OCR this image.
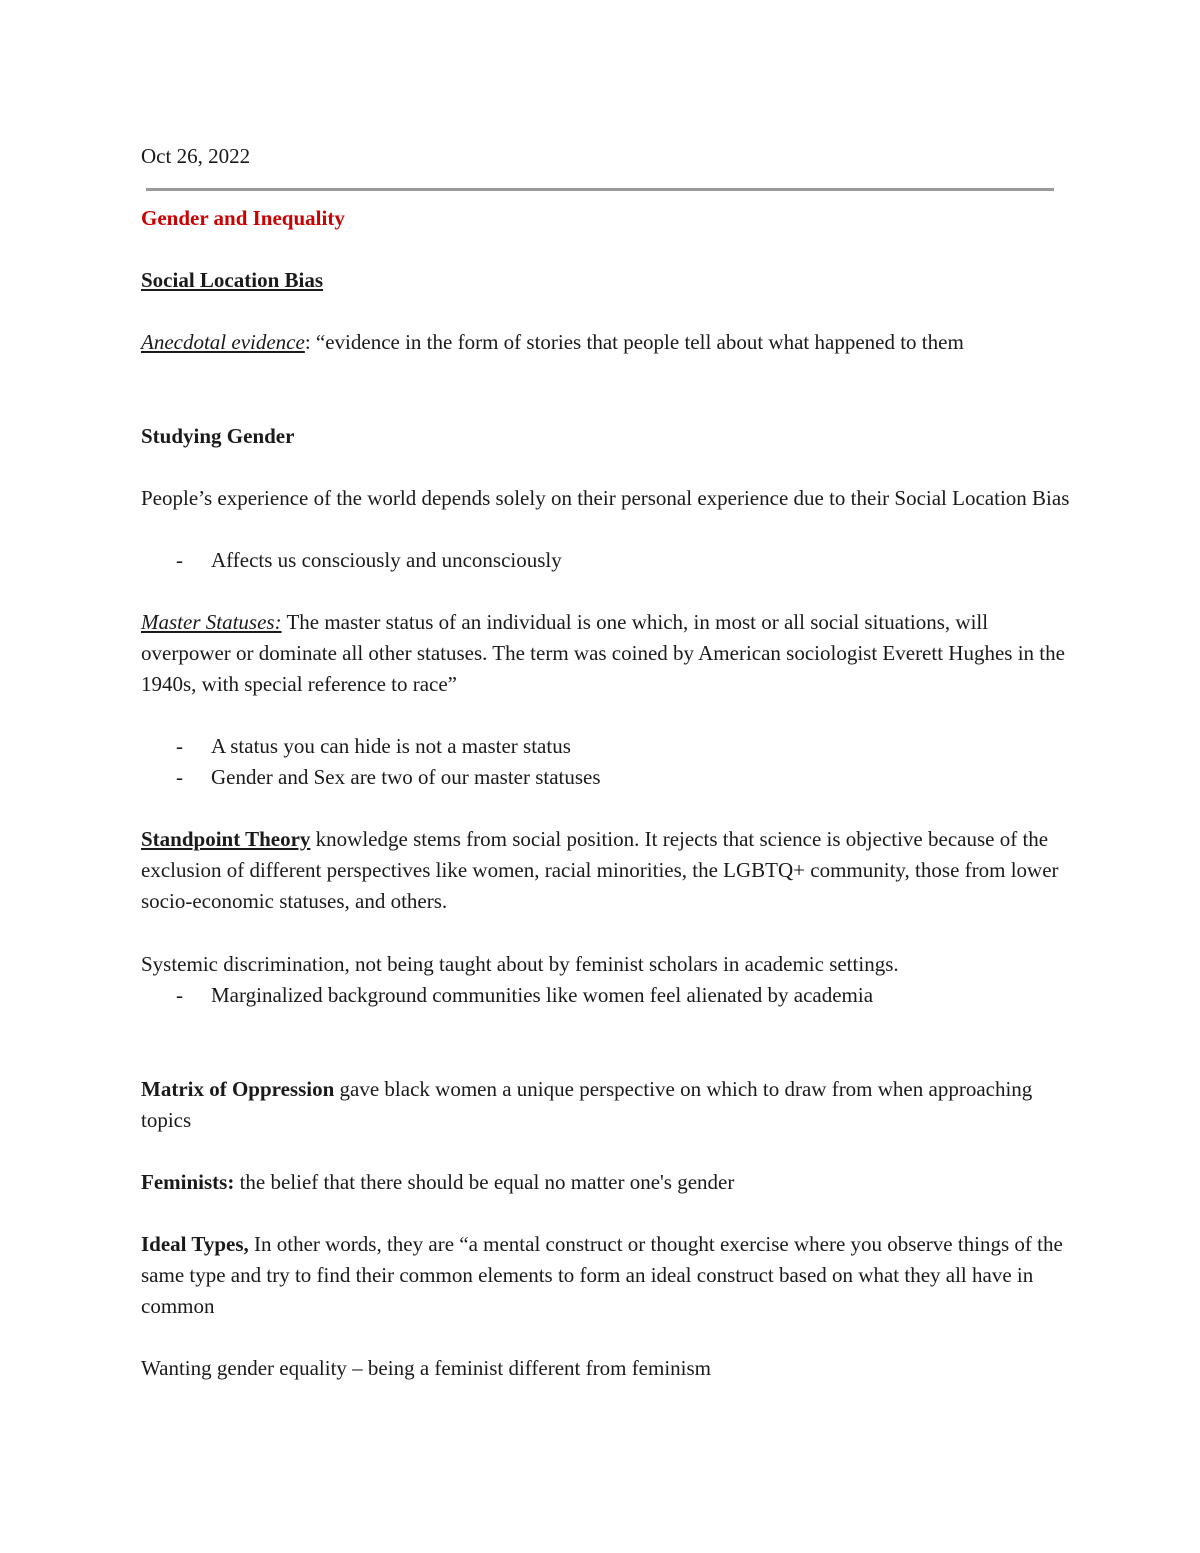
Oct 26, 2022

Gender and Inequality

Social Location Bias

Anecdotal evidence: “evidence in the form of stories that people tell about what happened to them

Studying Gender

People’s experience of the world depends solely on their personal experience due to their Social Location Bias

- Affects us consciously and unconsciously

Master Statuses: The master status of an individual is one which, in most or all social situations, will overpower or dominate all other statuses. The term was coined by American sociologist Everett Hughes in the 1940s, with special reference to race”

- A status you can hide is not a master status
- Gender and Sex are two of our master statuses

Standpoint Theory knowledge stems from social position. It rejects that science is objective because of the exclusion of different perspectives like women, racial minorities, the LGBTQ+ community, those from lower socio-economic statuses, and others.

Systemic discrimination, not being taught about by feminist scholars in academic settings.

- Marginalized background communities like women feel alienated by academia

Matrix of Oppression gave black women a unique perspective on which to draw from when approaching topics

Feminists: the belief that there should be equal no matter one's gender

Ideal Types, In other words, they are “a mental construct or thought exercise where you observe things of the same type and try to find their common elements to form an ideal construct based on what they all have in common

Wanting gender equality – being a feminist different from feminism
